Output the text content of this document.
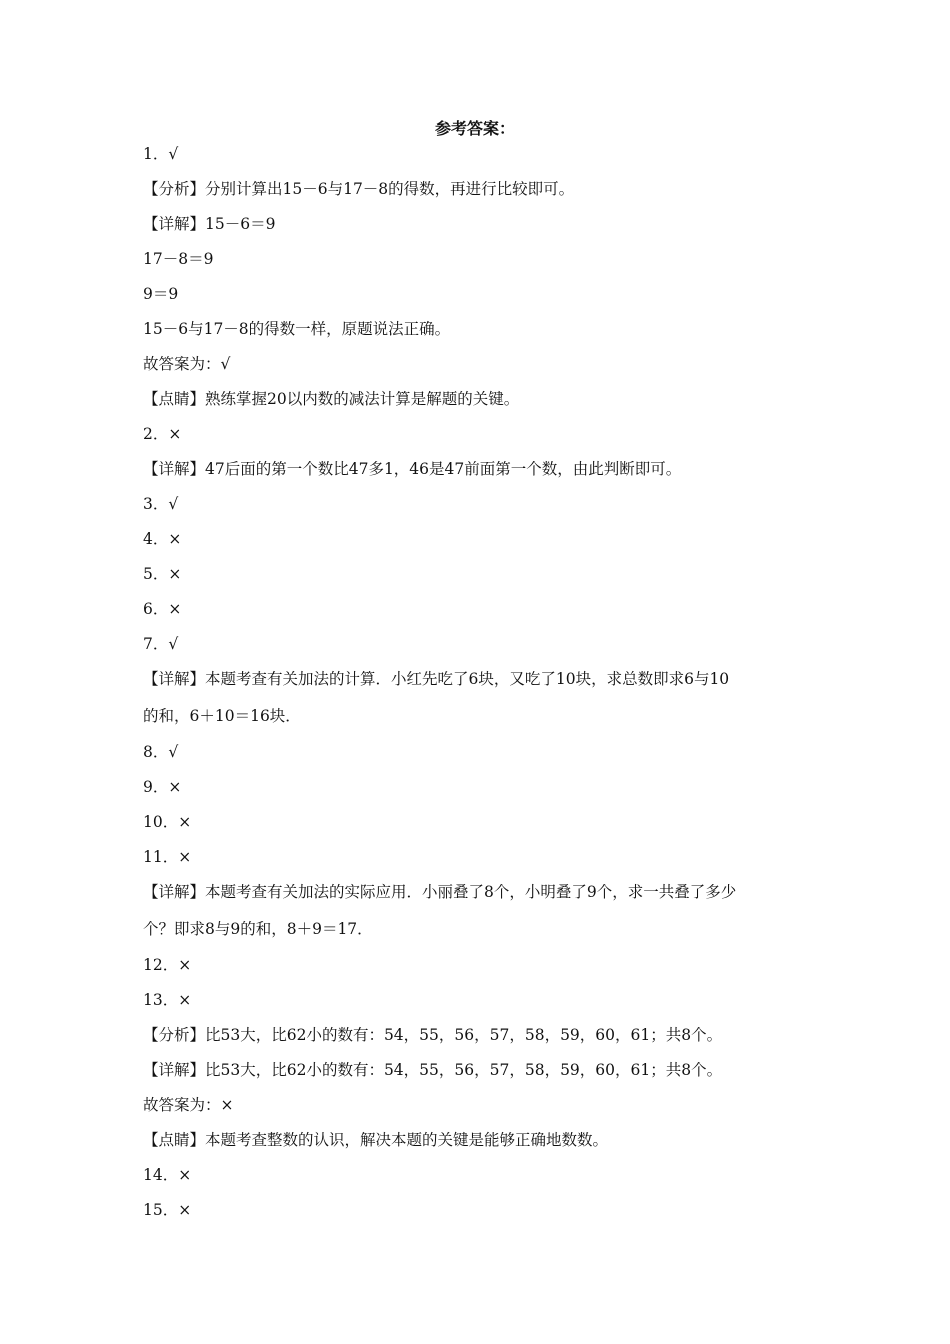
参考答案：
1．√
【分析】分别计算出15－6与17－8的得数，再进行比较即可。
【详解】15－6＝9
17－8＝9
9＝9
15－6与17－8的得数一样，原题说法正确。
故答案为：√
【点睛】熟练掌握20以内数的减法计算是解题的关键。
2．×
【详解】47后面的第一个数比47多1，46是47前面第一个数，由此判断即可。
3．√
4．×
5．×
6．×
7．√
【详解】本题考查有关加法的计算．小红先吃了6块，又吃了10块，求总数即求6与10
的和，6＋10＝16块．
8．√
9．×
10．×
11．×
【详解】本题考查有关加法的实际应用．小丽叠了8个，小明叠了9个，求一共叠了多少
个？即求8与9的和，8＋9＝17．
12．×
13．×
【分析】比53大，比62小的数有：54，55，56，57，58，59，60，61；共8个。
【详解】比53大，比62小的数有：54，55，56，57，58，59，60，61；共8个。
故答案为：×
【点睛】本题考查整数的认识，解决本题的关键是能够正确地数数。
14．×
15．×
